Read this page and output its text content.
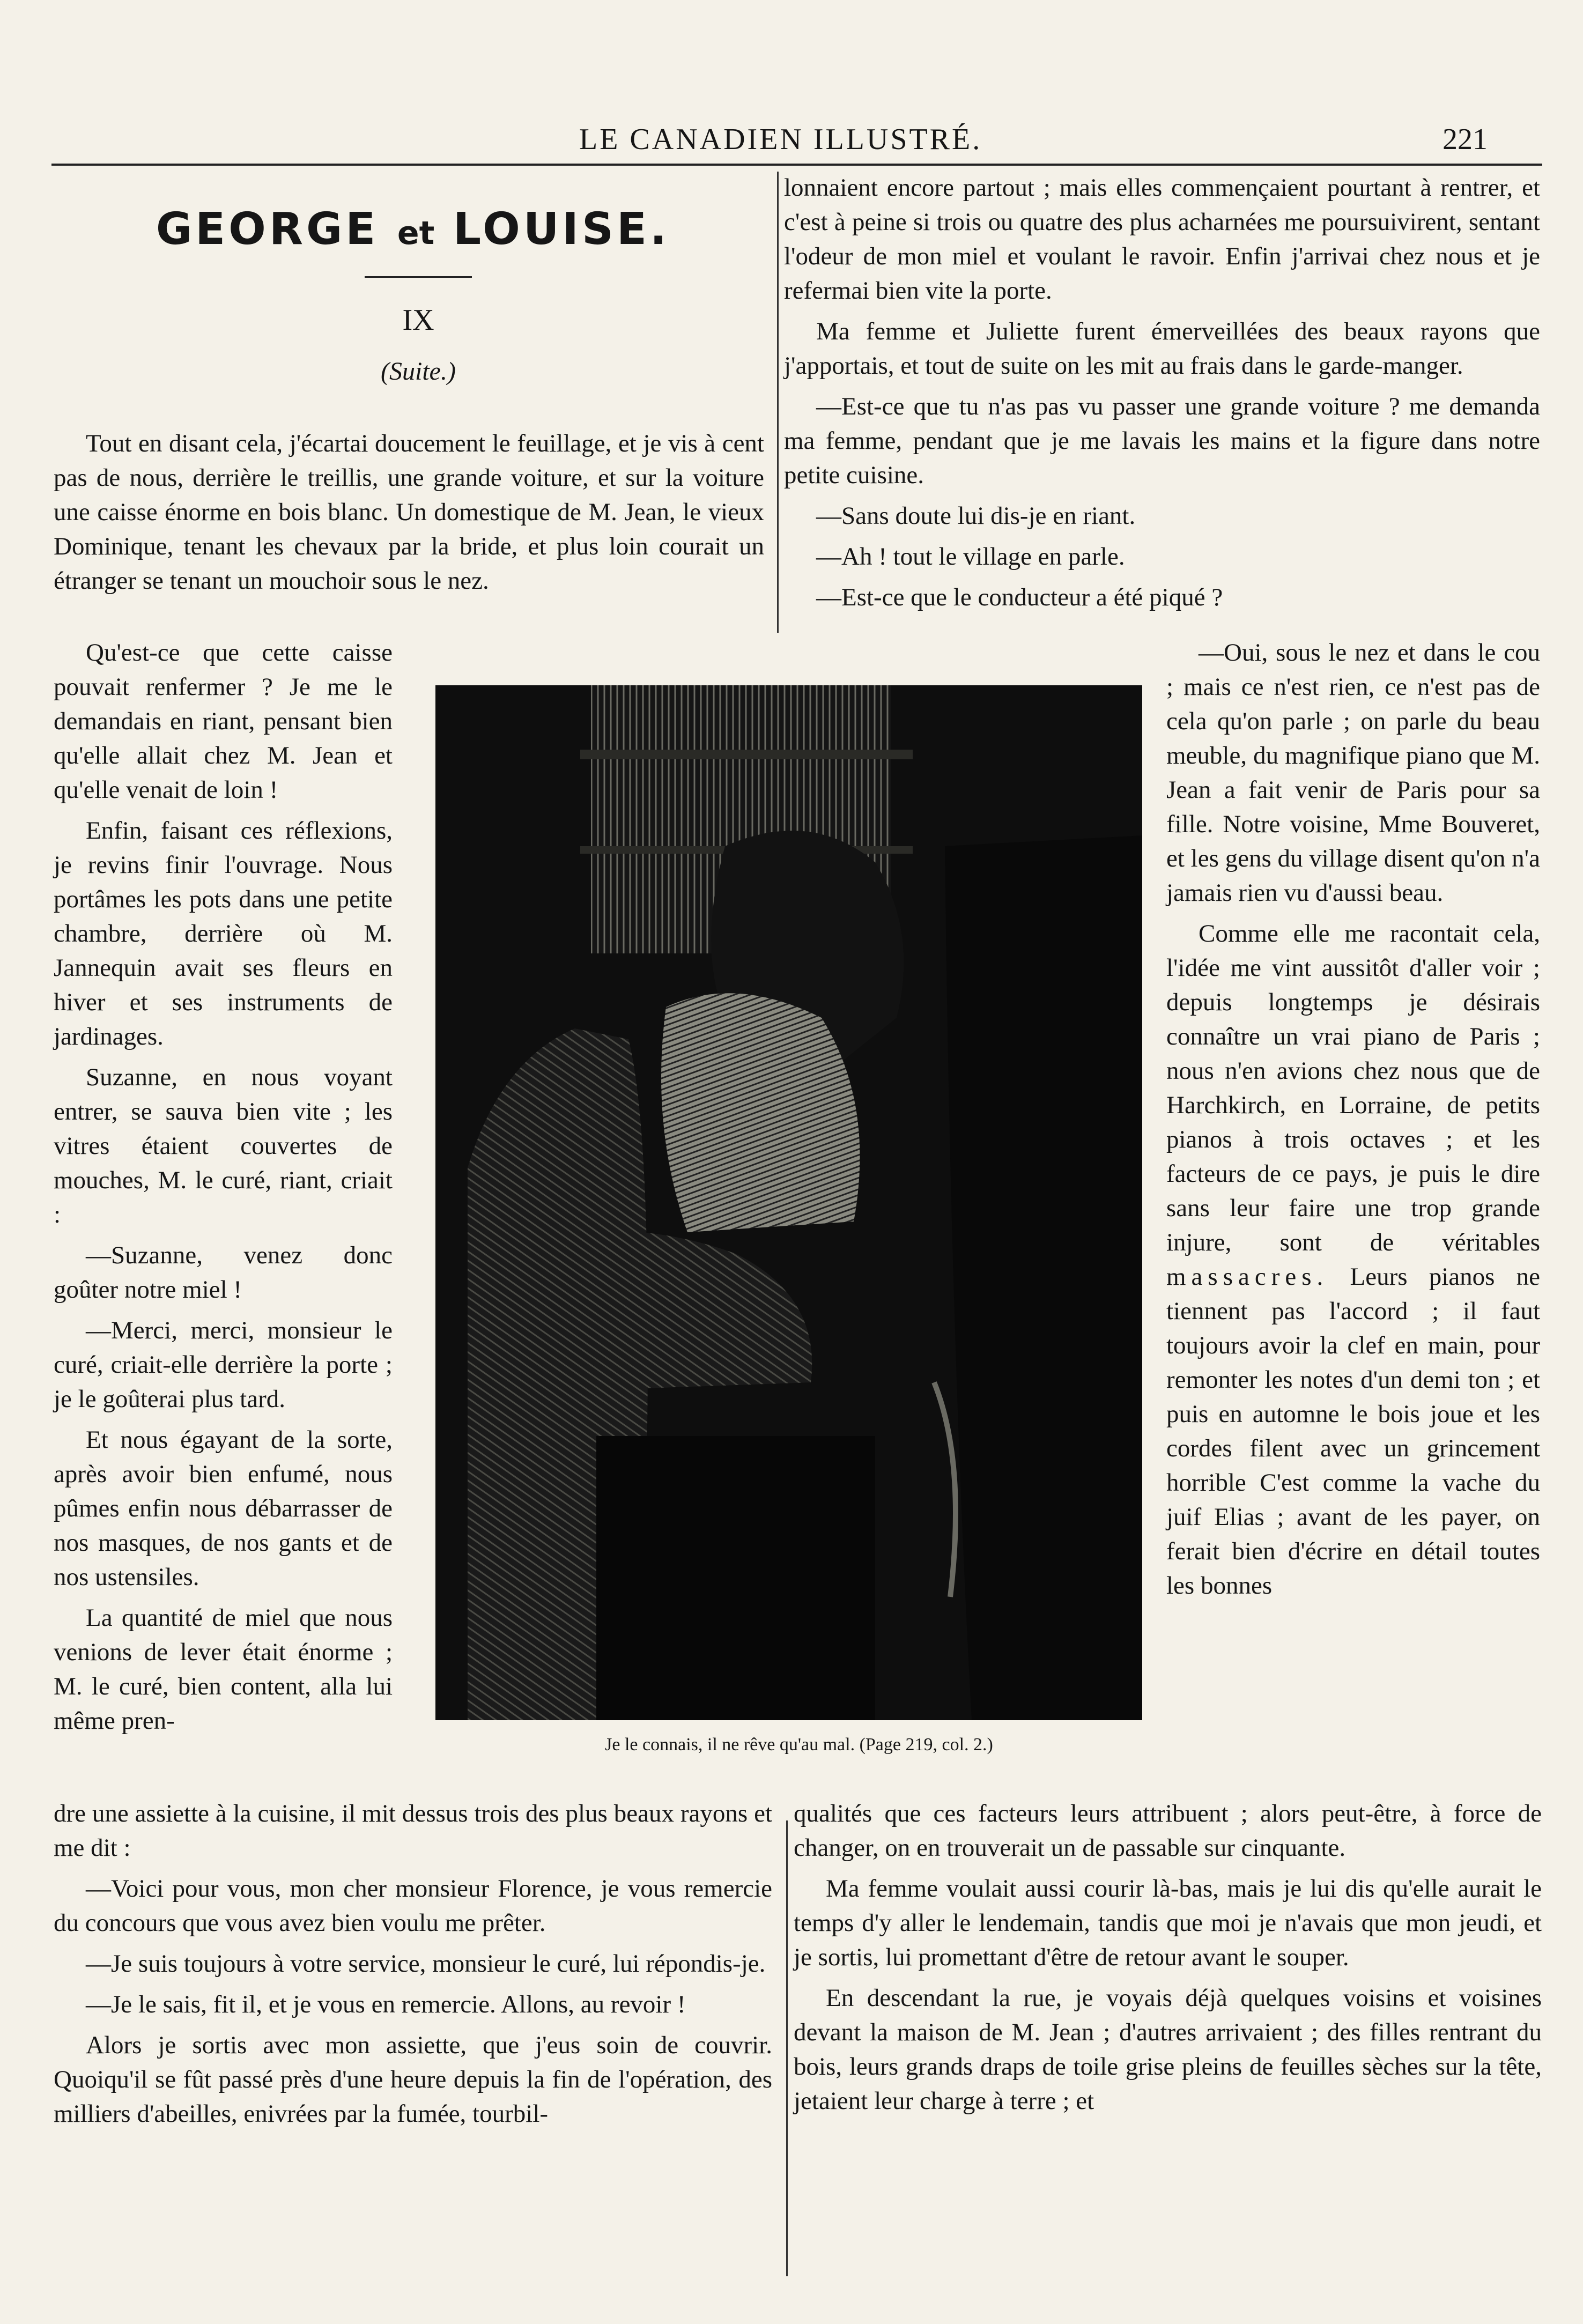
LE CANADIEN ILLUSTRÉ.	221
GEORGE et LOUISE.
IX
(Suite.)

Tout en disant cela, j'écartai doucement le feuillage, et je vis à cent pas de nous, derrière le treillis, une grande voiture, et sur la voiture une caisse énorme en bois blanc. Un domestique de M. Jean, le vieux Dominique, tenant les chevaux par la bride, et plus loin courait un étranger se tenant un mouchoir sous le nez.

Qu'est-ce que cette caisse pouvait renfermer ? Je me le demandais en riant, pensant bien qu'elle allait chez M. Jean et qu'elle venait de loin !

Enfin, faisant ces réflexions, je revins finir l'ouvrage. Nous portâmes les pots dans une petite chambre, derrière où M. Jannequin avait ses fleurs en hiver et ses instruments de jardinages.

Suzanne, en nous voyant entrer, se sauva bien vite ; les vitres étaient couvertes de mouches, M. le curé, riant, criait :

—Suzanne, venez donc goûter notre miel !

—Merci, merci, monsieur le curé, criait-elle derrière la porte ; je le goûterai plus tard.

Et nous égayant de la sorte, après avoir bien enfumé, nous pûmes enfin nous débarrasser de nos masques, de nos gants et de nos ustensiles.

La quantité de miel que nous venions de lever était énorme ; M. le curé, bien content, alla lui même pren-

dre une assiette à la cuisine, il mit dessus trois des plus beaux rayons et me dit :

—Voici pour vous, mon cher monsieur Florence, je vous remercie du concours que vous avez bien voulu me prêter.

—Je suis toujours à votre service, monsieur le curé, lui répondis-je.

—Je le sais, fit il, et je vous en remercie. Allons, au revoir !

Alors je sortis avec mon assiette, que j'eus soin de couvrir. Quoiqu'il se fût passé près d'une heure depuis la fin de l'opération, des milliers d'abeilles, enivrées par la fumée, tourbil-

lonnaient encore partout ; mais elles commençaient pourtant à rentrer, et c'est à peine si trois ou quatre des plus acharnées me poursuivirent, sentant l'odeur de mon miel et voulant le ravoir. Enfin j'arrivai chez nous et je refermai bien vite la porte.

Ma femme et Juliette furent émerveillées des beaux rayons que j'apportais, et tout de suite on les mit au frais dans le garde-manger.

—Est-ce que tu n'as pas vu passer une grande voiture ? me demanda ma femme, pendant que je me lavais les mains et la figure dans notre petite cuisine.

—Sans doute lui dis-je en riant.

—Ah ! tout le village en parle.

—Est-ce que le conducteur a été piqué ?

—Oui, sous le nez et dans le cou ; mais ce n'est rien, ce n'est pas de cela qu'on parle ; on parle du beau meuble, du magnifique piano que M. Jean a fait venir de Paris pour sa fille. Notre voisine, Mme Bouveret, et les gens du village disent qu'on n'a jamais rien vu d'aussi beau.

Comme elle me racontait cela, l'idée me vint aussitôt d'aller voir ; depuis longtemps je désirais connaître un vrai piano de Paris ; nous n'en avions chez nous que de Harchkirch, en Lorraine, de petits pianos à trois octaves ; et les facteurs de ce pays, je puis le dire sans leur faire une trop grande injure, sont de véritables massacres. Leurs pianos ne tiennent pas l'accord ; il faut toujours avoir la clef en main, pour remonter les notes d'un demi ton ; et puis en automne le bois joue et les cordes filent avec un grincement horrible C'est comme la vache du juif Elias ; avant de les payer, on ferait bien d'écrire en détail toutes les bonnes

qualités que ces facteurs leurs attribuent ; alors peut-être, à force de changer, on en trouverait un de passable sur cinquante.

Ma femme voulait aussi courir là-bas, mais je lui dis qu'elle aurait le temps d'y aller le lendemain, tandis que moi je n'avais que mon jeudi, et je sortis, lui promettant d'être de retour avant le souper.

En descendant la rue, je voyais déjà quelques voisins et voisines devant la maison de M. Jean ; d'autres arrivaient ; des filles rentrant du bois, leurs grands draps de toile grise pleins de feuilles sèches sur la tête, jetaient leur charge à terre ; et

Je le connais, il ne rêve qu'au mal. (Page 219, col. 2.)
